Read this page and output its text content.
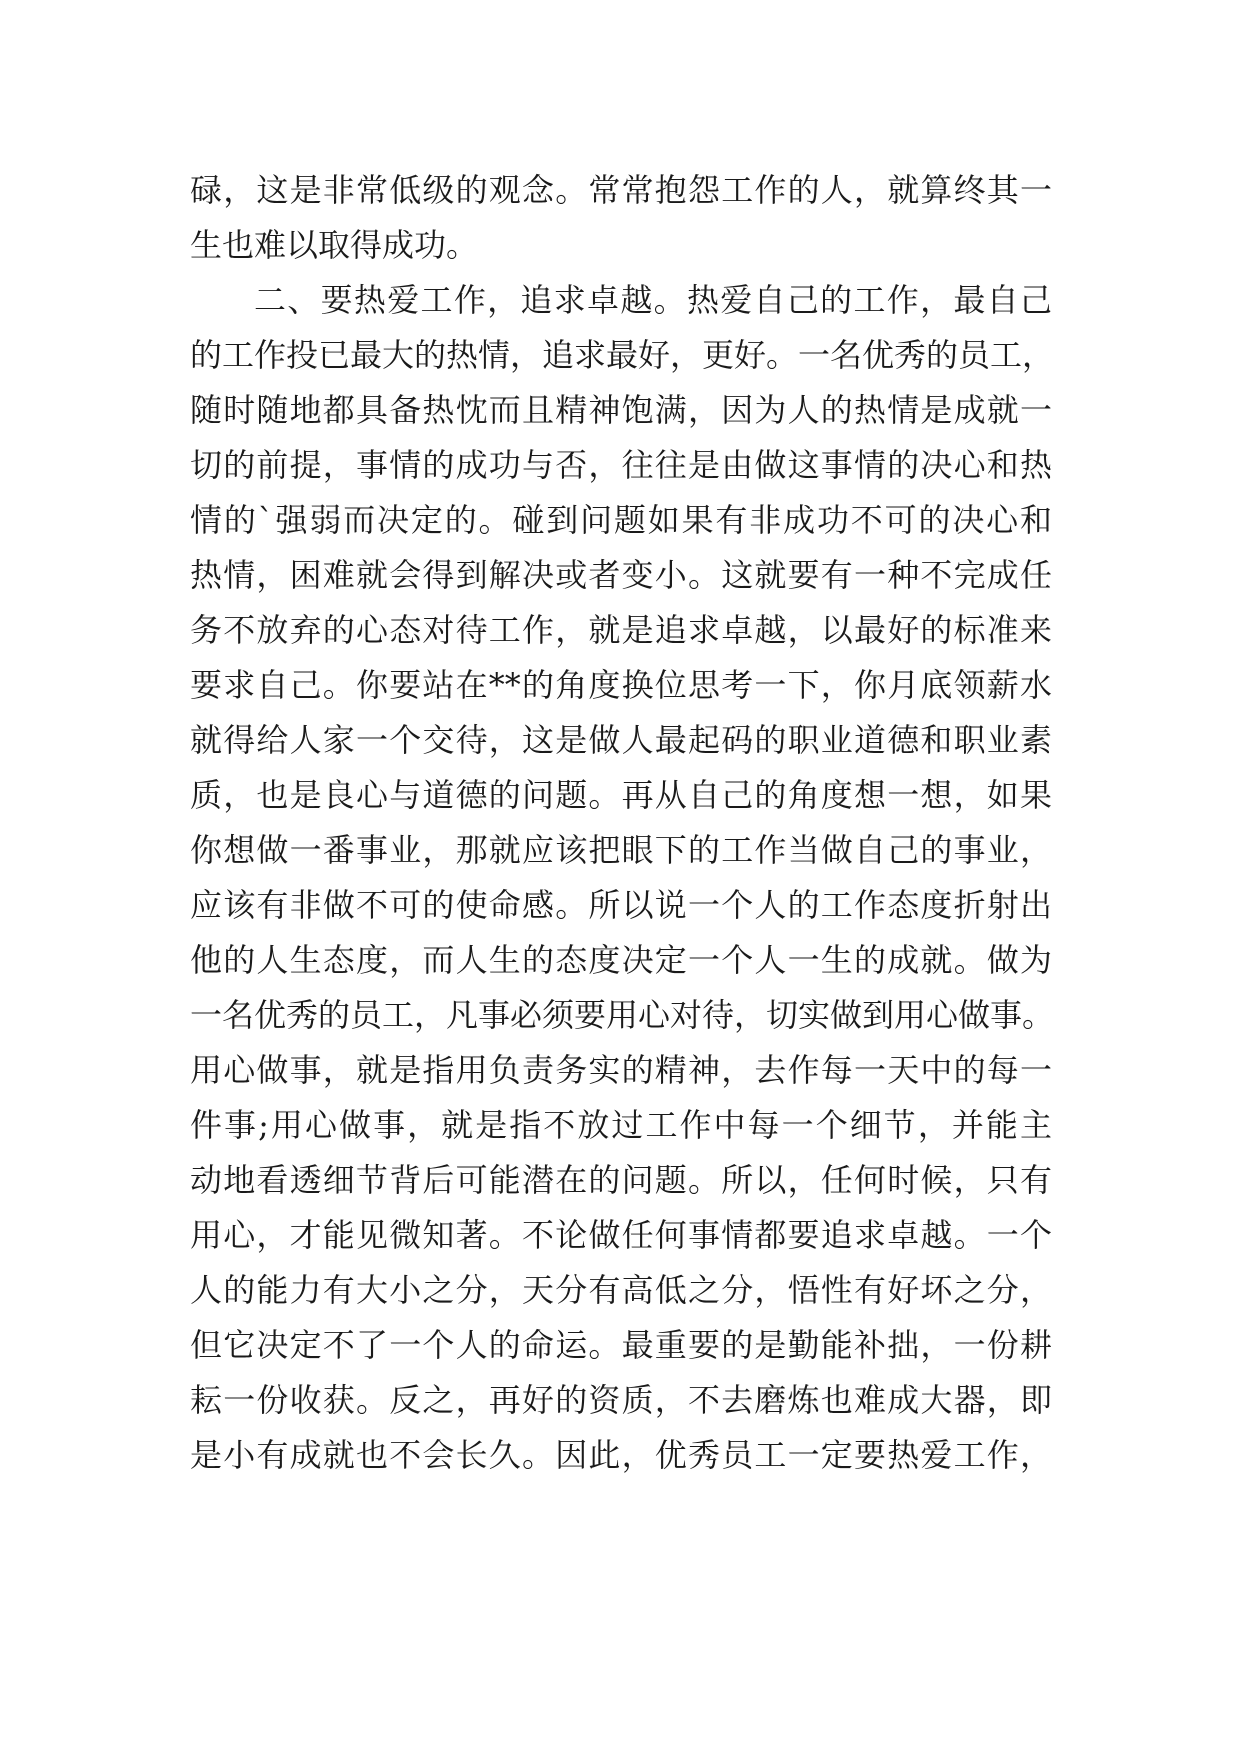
碌，这是非常低级的观念。常常抱怨工作的人，就算终其一
生也难以取得成功。
二、要热爱工作，追求卓越。热爱自己的工作，最自己
的工作投已最大的热情，追求最好，更好。一名优秀的员工，
随时随地都具备热忱而且精神饱满，因为人的热情是成就一
切的前提，事情的成功与否，往往是由做这事情的决心和热
情的`强弱而决定的。碰到问题如果有非成功不可的决心和
热情，困难就会得到解决或者变小。这就要有一种不完成任
务不放弃的心态对待工作，就是追求卓越，以最好的标准来
要求自己。你要站在**的角度换位思考一下，你月底领薪水
就得给人家一个交待，这是做人最起码的职业道德和职业素
质，也是良心与道德的问题。再从自己的角度想一想，如果
你想做一番事业，那就应该把眼下的工作当做自己的事业，
应该有非做不可的使命感。所以说一个人的工作态度折射出
他的人生态度，而人生的态度决定一个人一生的成就。做为
一名优秀的员工，凡事必须要用心对待，切实做到用心做事。
用心做事，就是指用负责务实的精神，去作每一天中的每一
件事;用心做事，就是指不放过工作中每一个细节，并能主
动地看透细节背后可能潜在的问题。所以，任何时候，只有
用心，才能见微知著。不论做任何事情都要追求卓越。一个
人的能力有大小之分，天分有高低之分，悟性有好坏之分，
但它决定不了一个人的命运。最重要的是勤能补拙，一份耕
耘一份收获。反之，再好的资质，不去磨炼也难成大器，即
是小有成就也不会长久。因此，优秀员工一定要热爱工作，
